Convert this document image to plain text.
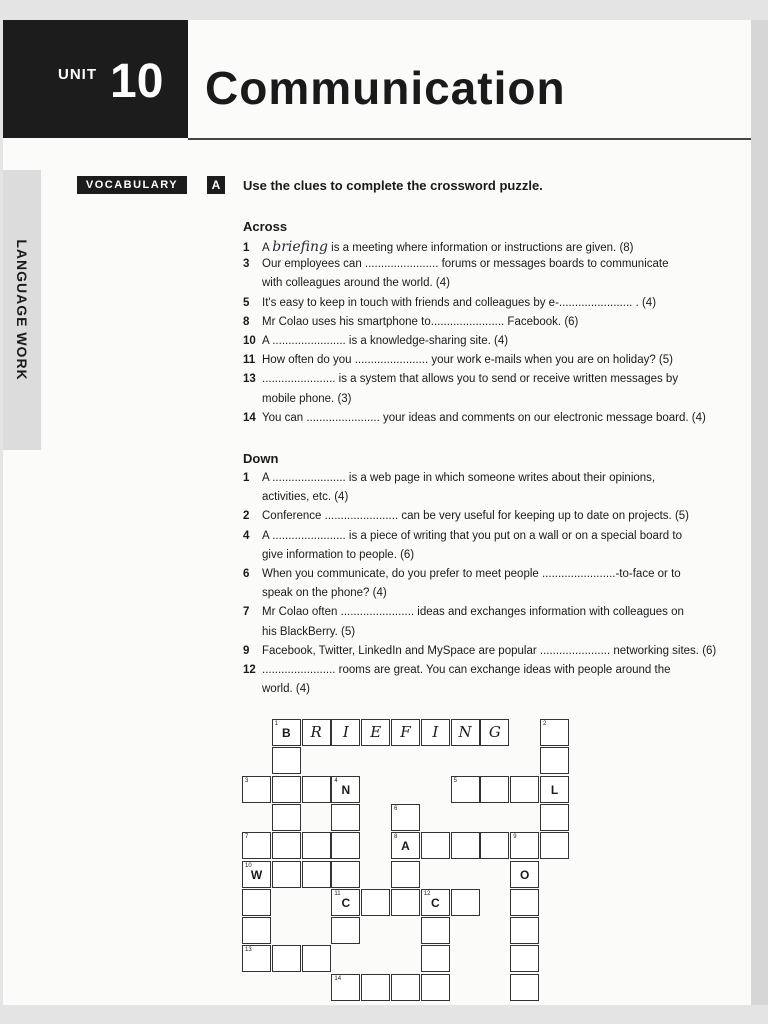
UNIT 10 Communication
LANGUAGE WORK
VOCABULARY	A	Use the clues to complete the crossword puzzle.
Across
1 A briefing is a meeting where information or instructions are given. (8)
3 Our employees can ....................... forums or messages boards to communicate
with colleagues around the world. (4)
5 It's easy to keep in touch with friends and colleagues by e-....................... . (4)
8 Mr Colao uses his smartphone to....................... Facebook. (6)
10 A ....................... is a knowledge-sharing site. (4)
11 How often do you ....................... your work e-mails when you are on holiday? (5)
13 ....................... is a system that allows you to send or receive written messages by
mobile phone. (3)
14 You can ....................... your ideas and comments on our electronic message board. (4)
Down
1 A ....................... is a web page in which someone writes about their opinions,
activities, etc. (4)
2 Conference ....................... can be very useful for keeping up to date on projects. (5)
4 A ....................... is a piece of writing that you put on a wall or on a special board to
give information to people. (6)
6 When you communicate, do you prefer to meet people .......................-to-face or to
speak on the phone? (4)
7 Mr Colao often ....................... ideas and exchanges information with colleagues on
his BlackBerry. (5)
9 Facebook, Twitter, LinkedIn and MySpace are popular ...................... networking sites. (6)
12 ....................... rooms are great. You can exchange ideas with people around the
world. (4)
1
B	R	I	E	F	I	N	G	2
3	4
N
5
L
6
7	8
A
9
10
W	O
11
C
12
C
13
14
